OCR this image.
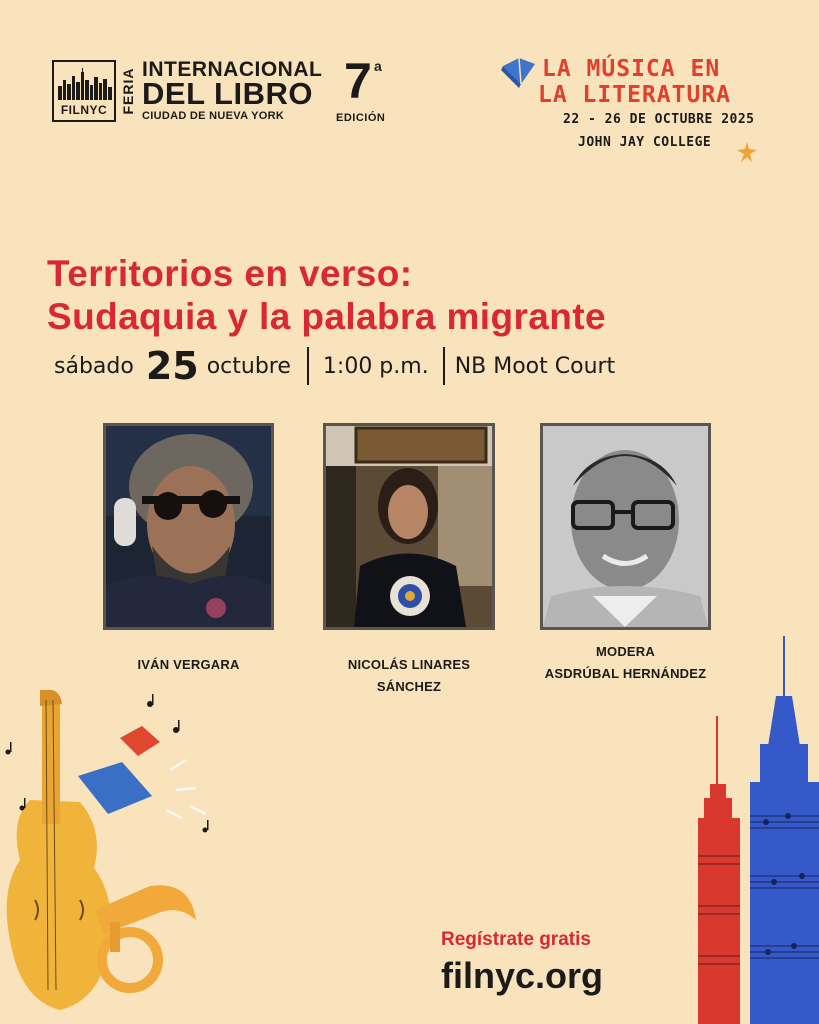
FILNYC FERIA INTERNACIONAL
DEL LIBRO
CIUDAD DE NUEVA YORK
7 a
EDICIÓN
LA MÚSICA EN
LA LITERATURA
22 - 26 DE OCTUBRE 2025
JOHN JAY COLLEGE
Territorios en verso:
Sudaquia y la palabra migrante
sábado 25 octubre 1:00 p.m. NB Moot Court
IVÁN VERGARA	NICOLÁS LINARES
SÁNCHEZ
MODERA
ASDRÚBAL HERNÁNDEZ
Regístrate gratis
filnyc.org
